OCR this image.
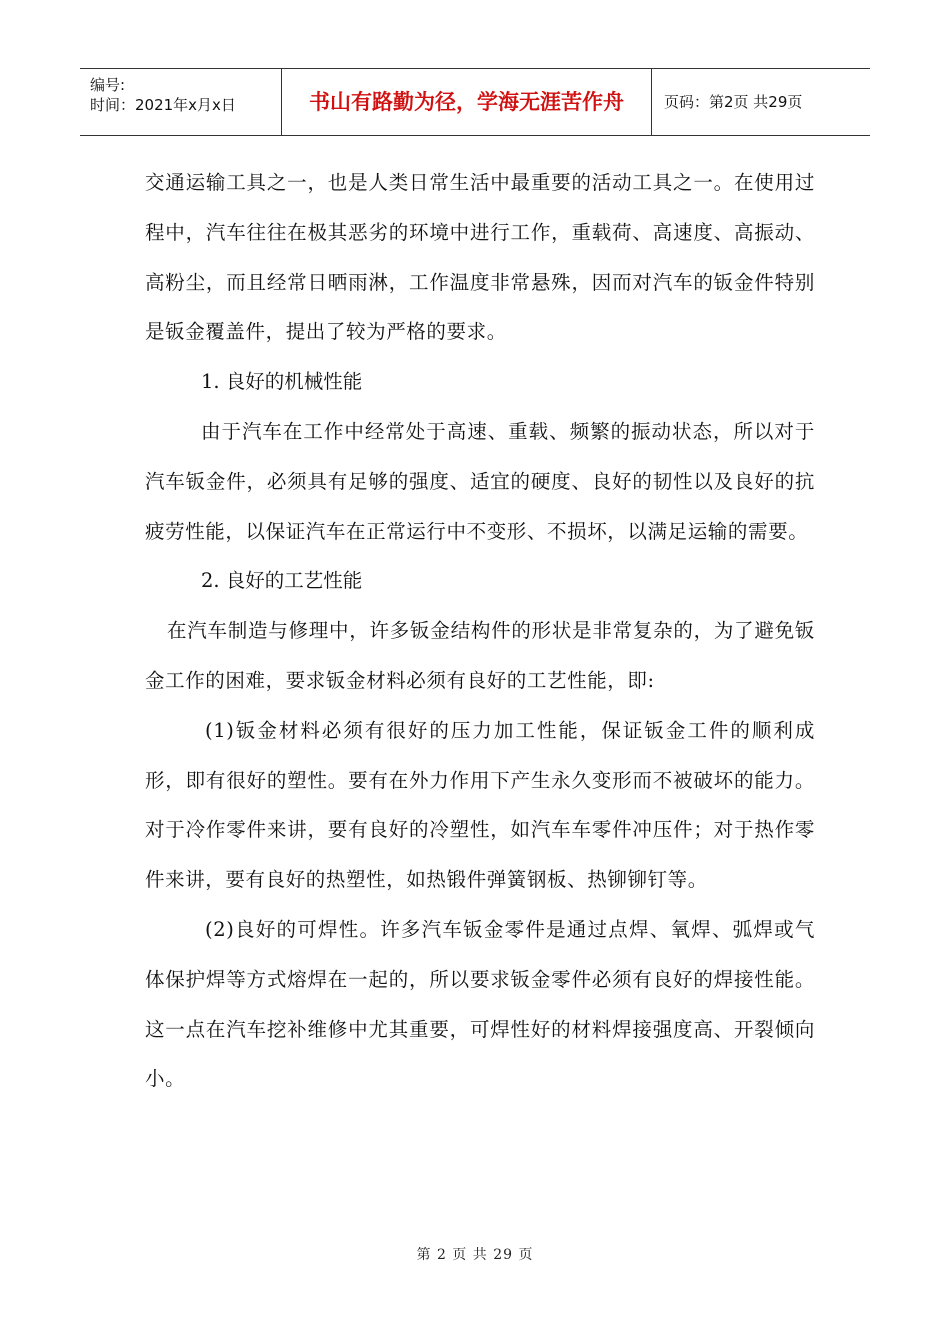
编号:
时间：2021年x月x日	书山有路勤为径，学海无涯苦作舟	页码：第2页 共29页

交通运输工具之一，也是人类日常生活中最重要的活动工具之一。在使用过程中，汽车往往在极其恶劣的环境中进行工作，重载荷、高速度、高振动、高粉尘，而且经常日晒雨淋，工作温度非常悬殊，因而对汽车的钣金件特别是钣金覆盖件，提出了较为严格的要求。

1. 良好的机械性能

由于汽车在工作中经常处于高速、重载、频繁的振动状态，所以对于汽车钣金件，必须具有足够的强度、适宜的硬度、良好的韧性以及良好的抗疲劳性能，以保证汽车在正常运行中不变形、不损坏，以满足运输的需要。

2. 良好的工艺性能

在汽车制造与修理中，许多钣金结构件的形状是非常复杂的，为了避免钣金工作的困难，要求钣金材料必须有良好的工艺性能，即:

(1)钣金材料必须有很好的压力加工性能，保证钣金工件的顺利成形，即有很好的塑性。要有在外力作用下产生永久变形而不被破坏的能力。对于冷作零件来讲，要有良好的冷塑性，如汽车车零件冲压件；对于热作零件来讲，要有良好的热塑性，如热锻件弹簧钢板、热铆铆钉等。

(2)良好的可焊性。许多汽车钣金零件是通过点焊、氧焊、弧焊或气体保护焊等方式熔焊在一起的，所以要求钣金零件必须有良好的焊接性能。这一点在汽车挖补维修中尤其重要，可焊性好的材料焊接强度高、开裂倾向小。

第 2 页 共 29 页
